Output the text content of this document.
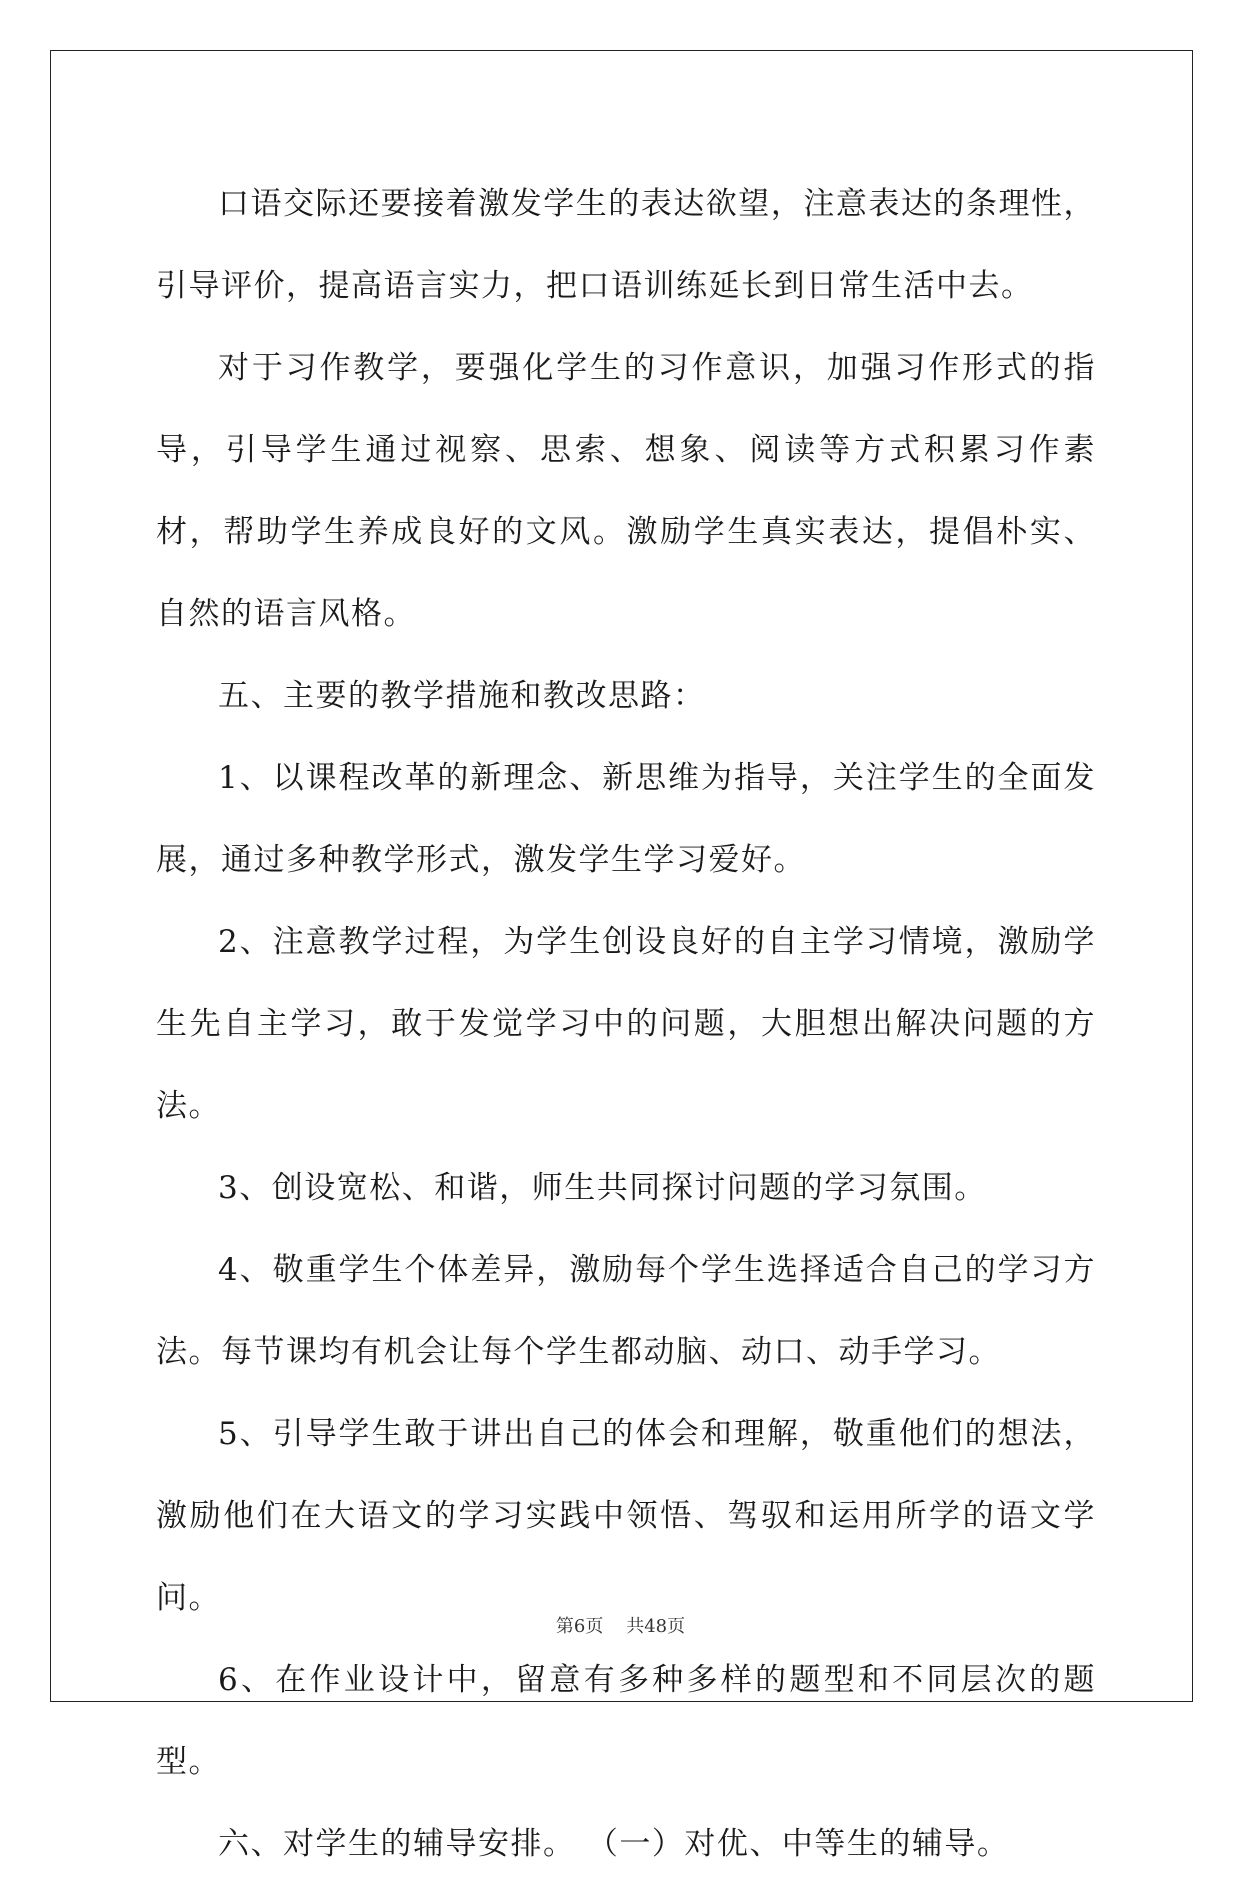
口语交际还要接着激发学生的表达欲望，注意表达的条理性，引导评价，提高语言实力，把口语训练延长到日常生活中去。

对于习作教学，要强化学生的习作意识，加强习作形式的指导，引导学生通过视察、思索、想象、阅读等方式积累习作素材，帮助学生养成良好的文风。激励学生真实表达，提倡朴实、自然的语言风格。

五、主要的教学措施和教改思路：

1、以课程改革的新理念、新思维为指导，关注学生的全面发展，通过多种教学形式，激发学生学习爱好。

2、注意教学过程，为学生创设良好的自主学习情境，激励学生先自主学习，敢于发觉学习中的问题，大胆想出解决问题的方法。

3、创设宽松、和谐，师生共同探讨问题的学习氛围。

4、敬重学生个体差异，激励每个学生选择适合自己的学习方法。每节课均有机会让每个学生都动脑、动口、动手学习。

5、引导学生敢于讲出自己的体会和理解，敬重他们的想法，激励他们在大语文的学习实践中领悟、驾驭和运用所学的语文学问。

6、在作业设计中，留意有多种多样的题型和不同层次的题型。

六、对学生的辅导安排。 （一）对优、中等生的辅导。

第6页 共48页
